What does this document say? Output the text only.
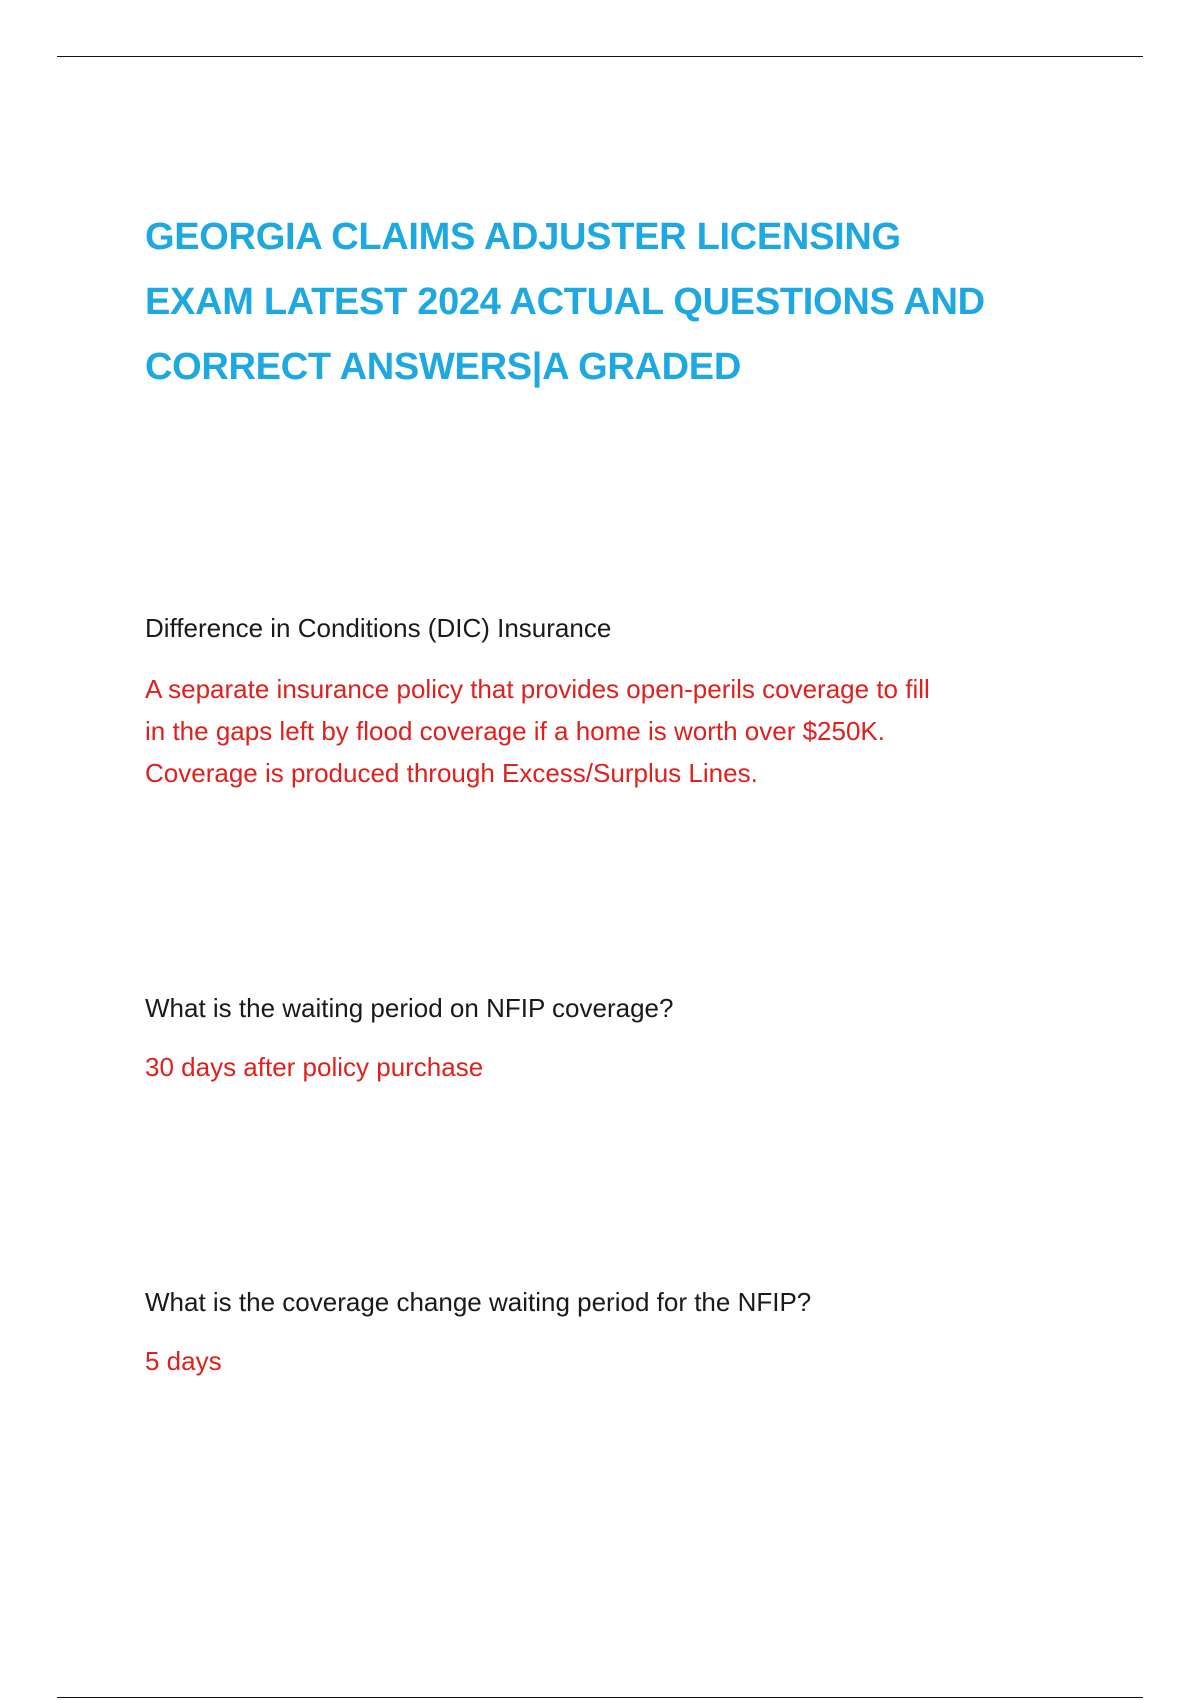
GEORGIA CLAIMS ADJUSTER LICENSING
EXAM LATEST 2024 ACTUAL QUESTIONS AND
CORRECT ANSWERS|A GRADED

Difference in Conditions (DIC) Insurance

A separate insurance policy that provides open-perils coverage to fill
in the gaps left by flood coverage if a home is worth over $250K.
Coverage is produced through Excess/Surplus Lines.

What is the waiting period on NFIP coverage?

30 days after policy purchase

What is the coverage change waiting period for the NFIP?

5 days
